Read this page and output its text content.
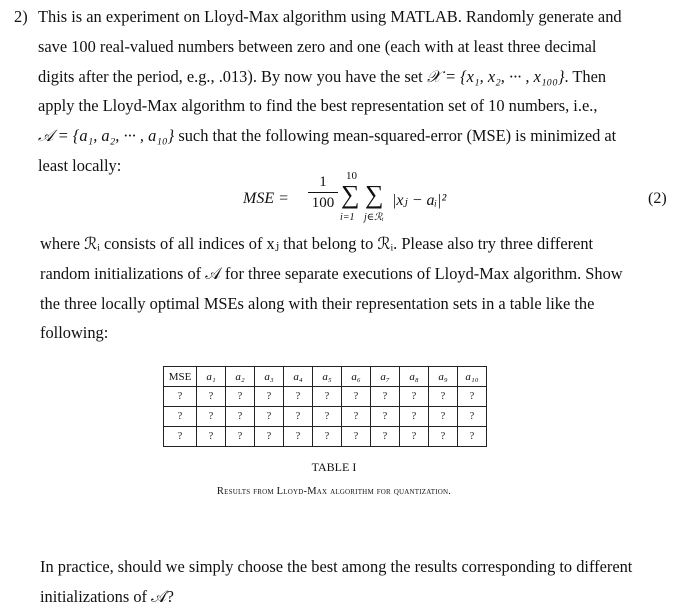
2) This is an experiment on Lloyd-Max algorithm using MATLAB. Randomly generate and
save 100 real-valued numbers between zero and one (each with at least three decimal
digits after the period, e.g., .013). By now you have the set 𝒳 = {x₁, x₂, ··· , x₁₀₀}. Then
apply the Lloyd-Max algorithm to find the best representation set of 10 numbers, i.e.,
𝒜 = {a₁, a₂, ··· , a₁₀} such that the following mean-squared-error (MSE) is minimized at
least locally:
MSE =
1
100
10
∑ ∑
i=1 j∈ℛᵢ
|xⱼ − aᵢ|²	(2)
where ℛᵢ consists of all indices of xⱼ that belong to ℛᵢ. Please also try three different
random initializations of 𝒜 for three separate executions of Lloyd-Max algorithm. Show
the three locally optimal MSEs along with their representation sets in a table like the
following:
MSE	a₁	a₂	a₃	a₄	a₅	a₆	a₇	a₈	a₉	a₁₀
?	?	?	?	?	?	?	?	?	?	?
?	?	?	?	?	?	?	?	?	?	?
?	?	?	?	?	?	?	?	?	?	?
TABLE I
Results from Lloyd-Max algorithm for quantization.
In practice, should we simply choose the best among the results corresponding to different
initializations of 𝒜?
